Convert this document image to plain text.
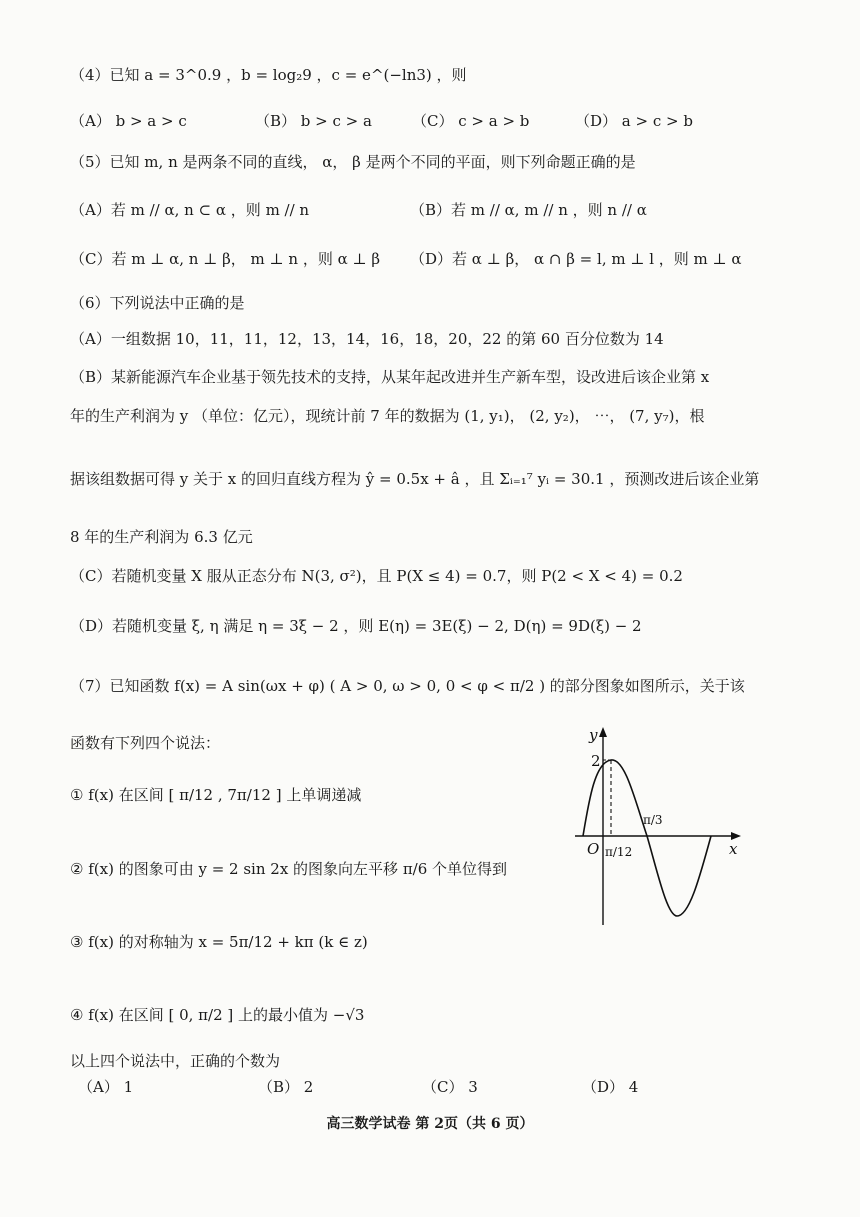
（4）已知 a = 3^0.9 ，b = log₂9 ，c = e^(−ln3) ，则
（A） b > a > c	（B） b > c > a	（C） c > a > b	（D） a > c > b
（5）已知 m, n 是两条不同的直线， α， β 是两个不同的平面，则下列命题正确的是
（A）若 m // α, n ⊂ α ，则 m // n	（B）若 m // α, m // n ，则 n // α
（C）若 m ⊥ α, n ⊥ β， m ⊥ n ，则 α ⊥ β （D）若 α ⊥ β， α ∩ β = l, m ⊥ l ，则 m ⊥ α
（6）下列说法中正确的是
（A）一组数据 10，11，11，12，13，14，16，18，20，22 的第 60 百分位数为 14
（B）某新能源汽车企业基于领先技术的支持，从某年起改进并生产新车型，设改进后该企业第 x
年的生产利润为 y （单位：亿元），现统计前 7 年的数据为 (1, y₁)， (2, y₂)， ⋯， (7, y₇)，根
据该组数据可得 y 关于 x 的回归直线方程为 ŷ = 0.5x + â ，且 Σᵢ₌₁⁷ yᵢ = 30.1 ，预测改进后该企业第
8 年的生产利润为 6.3 亿元
（C）若随机变量 X 服从正态分布 N(3, σ²)，且 P(X ≤ 4) = 0.7，则 P(2 < X < 4) = 0.2
（D）若随机变量 ξ, η 满足 η = 3ξ − 2 ，则 E(η) = 3E(ξ) − 2, D(η) = 9D(ξ) − 2
（7）已知函数 f(x) = A sin(ωx + φ) ( A > 0, ω > 0, 0 < φ < π/2 ) 的部分图象如图所示，关于该
函数有下列四个说法：
① f(x) 在区间 [ π/12 , 7π/12 ] 上单调递减
② f(x) 的图象可由 y = 2 sin 2x 的图象向左平移 π/6 个单位得到
③ f(x) 的对称轴为 x = 5π/12 + kπ (k ∈ z)
④ f(x) 在区间 [ 0, π/2 ] 上的最小值为 −√3
以上四个说法中，正确的个数为
（A） 1	（B） 2	（C） 3	（D） 4
y
x
O
2
π/12
π/3
高三数学试卷 第 2页（共 6 页）
